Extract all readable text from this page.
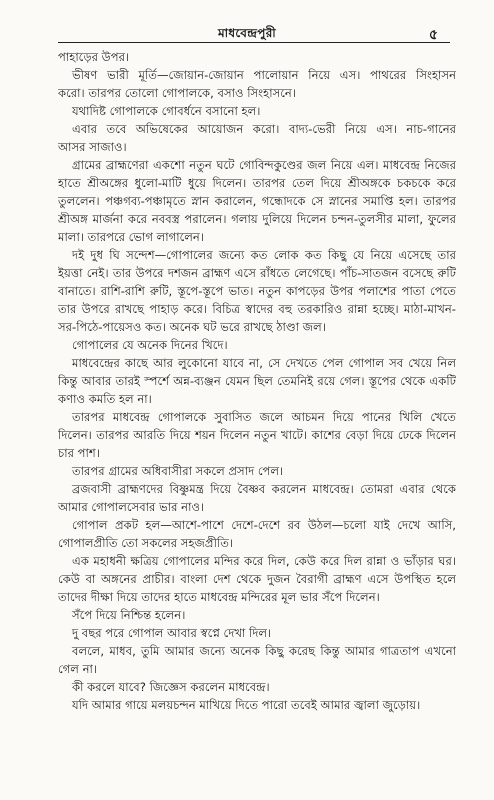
মাধবেন্দ্রপুরী	৫
পাহাড়ের উপর।
ভীষণ ভারী মূর্তি—জোয়ান-জোয়ান পালোয়ান নিয়ে এস। পাথরের সিংহাসন
করো। তারপর তোলো গোপালকে, বসাও সিংহাসনে।
যথাদিষ্ট গোপালকে গোবর্ধনে বসানো হল।
এবার তবে অভিষেকের আয়োজন করো। বাদ্য-ভেরী নিয়ে এস। নাচ-গানের
আসর সাজাও।
গ্রামের ব্রাহ্মণেরা একশো নতুন ঘটে গোবিন্দকুণ্ডের জল নিয়ে এল। মাধবেন্দ্র নিজের
হাতে শ্রীঅঙ্গের ধুলো-মাটি ধুয়ে দিলেন। তারপর তেল দিয়ে শ্রীঅঙ্গকে চকচকে করে
তুললেন। পঞ্চগব্য-পঞ্চামৃতে স্নান করালেন, গন্ধোদকে সে স্নানের সমাপ্তি হল। তারপর
শ্রীঅঙ্গ মার্জনা করে নববস্ত্র পরালেন। গলায় দুলিয়ে দিলেন চন্দন-তুলসীর মালা, ফুলের
মালা। তারপরে ভোগ লাগালেন।
দই দুধ ঘি সন্দেশ—গোপালের জন্যে কত লোক কত কিছু যে নিয়ে এসেছে তার
ইয়ত্তা নেই। তার উপরে দশজন ব্রাহ্মণ এসে রাঁধতে লেগেছে। পাঁচ-সাতজন বসেছে রুটি
বানাতে। রাশি-রাশি রুটি, স্তূপে-স্তূপে ভাত। নতুন কাপড়ের উপর পলাশের পাতা পেতে
তার উপরে রাখছে পাহাড় করে। বিচিত্র স্বাদের বহু তরকারিও রান্না হচ্ছে। মাঠা-মাখন-
সর-পিঠে-পায়েসও কত। অনেক ঘট ভরে রাখছে ঠাণ্ডা জল।
গোপালের যে অনেক দিনের খিদে।
মাধবেন্দ্রের কাছে আর লুকোনো যাবে না, সে দেখতে পেল গোপাল সব খেয়ে নিল
কিন্তু আবার তারই স্পর্শে অন্ন-ব্যঞ্জন যেমন ছিল তেমনিই রয়ে গেল। স্তূপের থেকে একটি
কণাও কমতি হল না।
তারপর মাধবেন্দ্র গোপালকে সুবাসিত জলে আচমন দিয়ে পানের খিলি খেতে
দিলেন। তারপর আরতি দিয়ে শয়ন দিলেন নতুন খাটে। কাশের বেড়া দিয়ে ঢেকে দিলেন
চার পাশ।
তারপর গ্রামের অধিবাসীরা সকলে প্রসাদ পেল।
ব্রজবাসী ব্রাহ্মণদের বিষ্ণুমন্ত্র দিয়ে বৈষ্ণব করলেন মাধবেন্দ্র। তোমরা এবার থেকে
আমার গোপালসেবার ভার নাও।
গোপাল প্রকট হল—আশে-পাশে দেশে-দেশে রব উঠল—চলো যাই দেখে আসি,
গোপালপ্রীতি তো সকলের সহজপ্রীতি।
এক মহাধনী ক্ষত্রিয় গোপালের মন্দির করে দিল, কেউ করে দিল রান্না ও ভাঁড়ার ঘর।
কেউ বা অঙ্গনের প্রাচীর। বাংলা দেশ থেকে দুজন বৈরাগী ব্রাহ্মণ এসে উপস্থিত হলে
তাদের দীক্ষা দিয়ে তাদের হাতে মাধবেন্দ্র মন্দিরের মূল ভার সঁপে দিলেন।
সঁপে দিয়ে নিশ্চিন্ত হলেন।
দু বছর পরে গোপাল আবার স্বপ্নে দেখা দিল।
বললে, মাধব, তুমি আমার জন্যে অনেক কিছু করেছ কিন্তু আমার গাত্রতাপ এখনো
গেল না।
কী করলে যাবে? জিজ্ঞেস করলেন মাধবেন্দ্র।
যদি আমার গায়ে মলয়চন্দন মাখিয়ে দিতে পারো তবেই আমার জ্বালা জুড়োয়।
